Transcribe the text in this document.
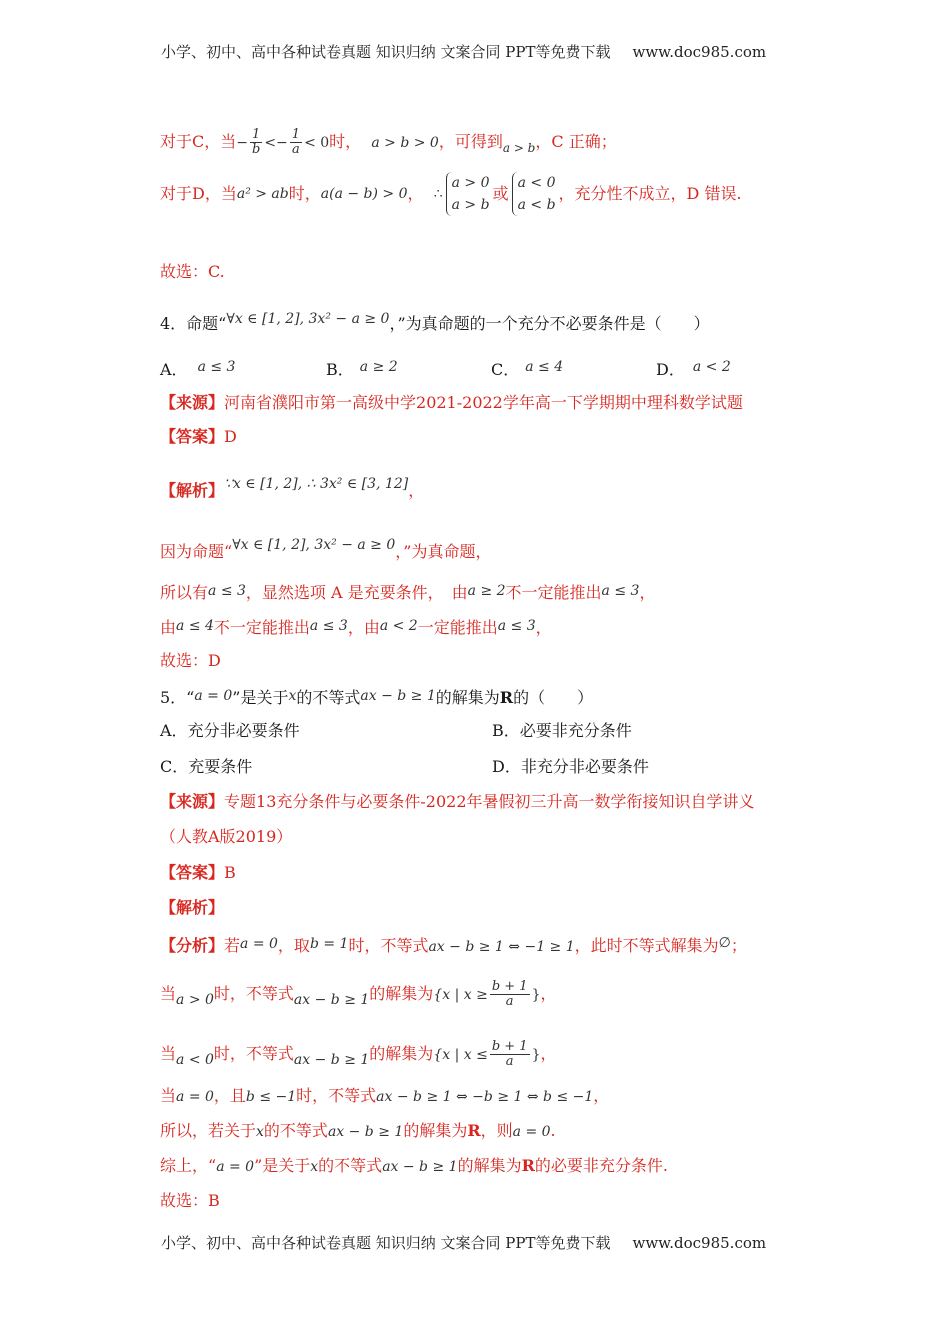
小学、初中、高中各种试卷真题 知识归纳 文案合同 PPT等免费下载 www.doc985.com
对于C，当− $\frac{1}{b} <- \frac{1}{a} < 0$时， a > b > 0，可得到$_{a > b}$，C 正确；
对于D，当a² > ab时，a(a − b) > 0， ∴
a > 0
a > b
或
a < 0
a < b
，充分性不成立，D 错误.
故选：C.
4．命题“∀x ∈ [1, 2], 3x² − a ≥ 0，”为真命题的一个充分不必要条件是（　　）
A． a ≤ 3	B． a ≥ 2	C． a ≤ 4	D． a < 2
【来源】河南省濮阳市第一高级中学2021-2022学年高一下学期期中理科数学试题
【答案】D
【解析】∵x ∈ [1, 2], ∴ 3x² ∈ [3, 12]，
因为命题“∀x ∈ [1, 2], 3x² − a ≥ 0，”为真命题，
所以有a ≤ 3，显然选项 A 是充要条件，　由a ≥ 2不一定能推出a ≤ 3，
由a ≤ 4不一定能推出a ≤ 3，由a < 2一定能推出a ≤ 3，
故选：D
5．“a = 0”是关于x的不等式ax − b ≥ 1的解集为R的（　　）
A．充分非必要条件	B．必要非充分条件
C．充要条件	D．非充分非必要条件
【来源】专题13充分条件与必要条件-2022年暑假初三升高一数学衔接知识自学讲义
（人教A版2019）
【答案】B
【解析】
【分析】若a = 0，取b = 1时，不等式ax − b ≥ 1 ⇔ −1 ≥ 1，此时不等式解集为∅；
当a > 0时，不等式ax − b ≥ 1的解集为{x | $x \ge \frac{b + 1}{a}$ }，
当a < 0时，不等式ax − b ≥ 1的解集为{x | $x \le \frac{b + 1}{a}$ }，
当a = 0，且b ≤ −1时，不等式ax − b ≥ 1 ⇔ −b ≥ 1 ⇔ b ≤ −1，
所以，若关于x的不等式ax − b ≥ 1的解集为R，则a = 0.
综上，“a = 0”是关于x的不等式ax − b ≥ 1的解集为R的必要非充分条件.
故选：B
小学、初中、高中各种试卷真题 知识归纳 文案合同 PPT等免费下载 www.doc985.com
